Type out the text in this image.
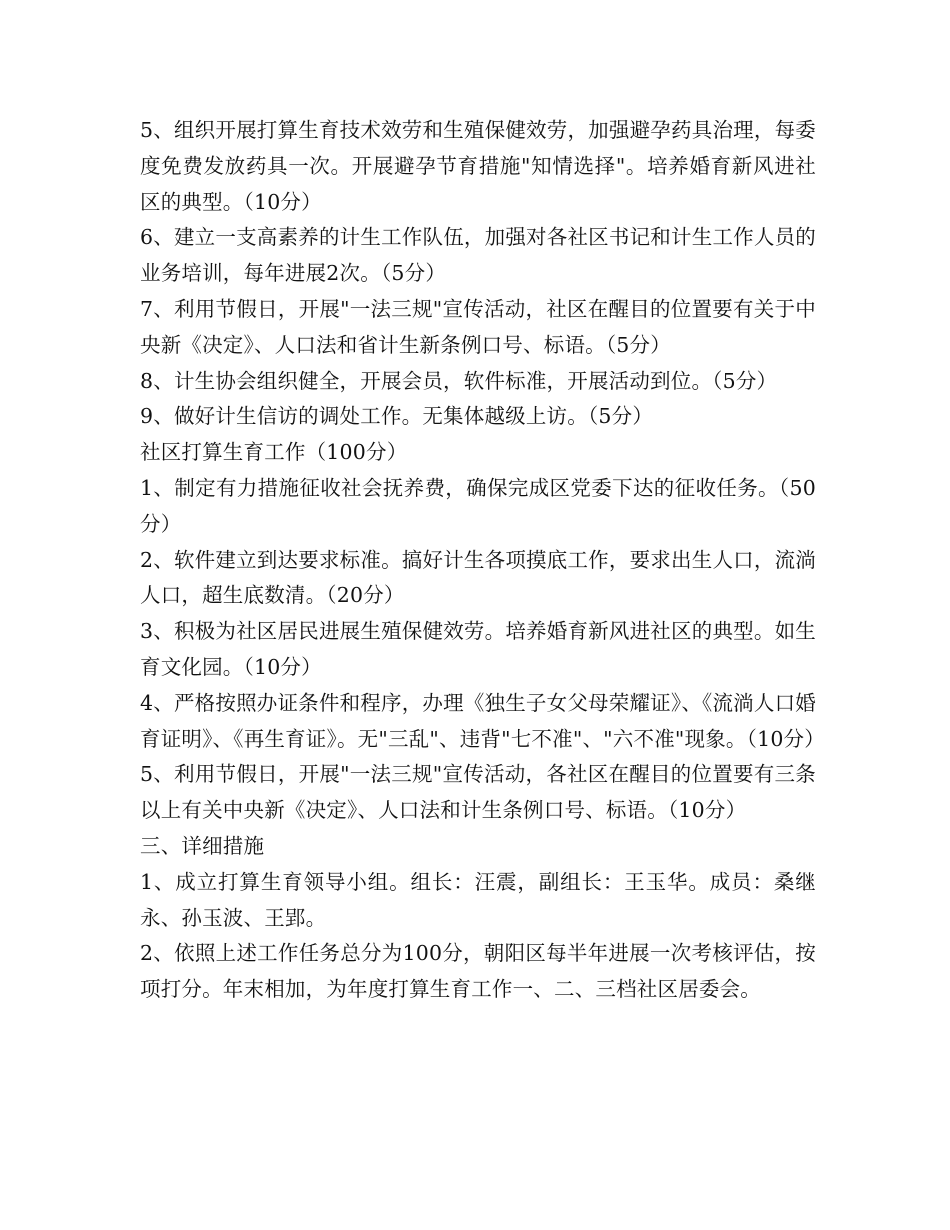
5、组织开展打算生育技术效劳和生殖保健效劳，加强避孕药具治理，每委度免费发放药具一次。开展避孕节育措施"知情选择"。培养婚育新风进社区的典型。（10分）

6、建立一支高素养的计生工作队伍，加强对各社区书记和计生工作人员的业务培训，每年进展2次。（5分）

7、利用节假日，开展"一法三规"宣传活动，社区在醒目的位置要有关于中央新《决定》、人口法和省计生新条例口号、标语。（5分）

8、计生协会组织健全，开展会员，软件标准，开展活动到位。（5分）

9、做好计生信访的调处工作。无集体越级上访。（5分）

社区打算生育工作（100分）

1、制定有力措施征收社会抚养费，确保完成区党委下达的征收任务。（50分）

2、软件建立到达要求标准。搞好计生各项摸底工作，要求出生人口，流淌人口，超生底数清。（20分）

3、积极为社区居民进展生殖保健效劳。培养婚育新风进社区的典型。如生育文化园。（10分）

4、严格按照办证条件和程序，办理《独生子女父母荣耀证》、《流淌人口婚育证明》、《再生育证》。无"三乱"、违背"七不准"、"六不准"现象。（10分）

5、利用节假日，开展"一法三规"宣传活动，各社区在醒目的位置要有三条以上有关中央新《决定》、人口法和计生条例口号、标语。（10分）

三、详细措施

1、成立打算生育领导小组。组长：汪震，副组长：王玉华。成员：桑继永、孙玉波、王郢。

2、依照上述工作任务总分为100分，朝阳区每半年进展一次考核评估，按项打分。年末相加，为年度打算生育工作一、二、三档社区居委会。
